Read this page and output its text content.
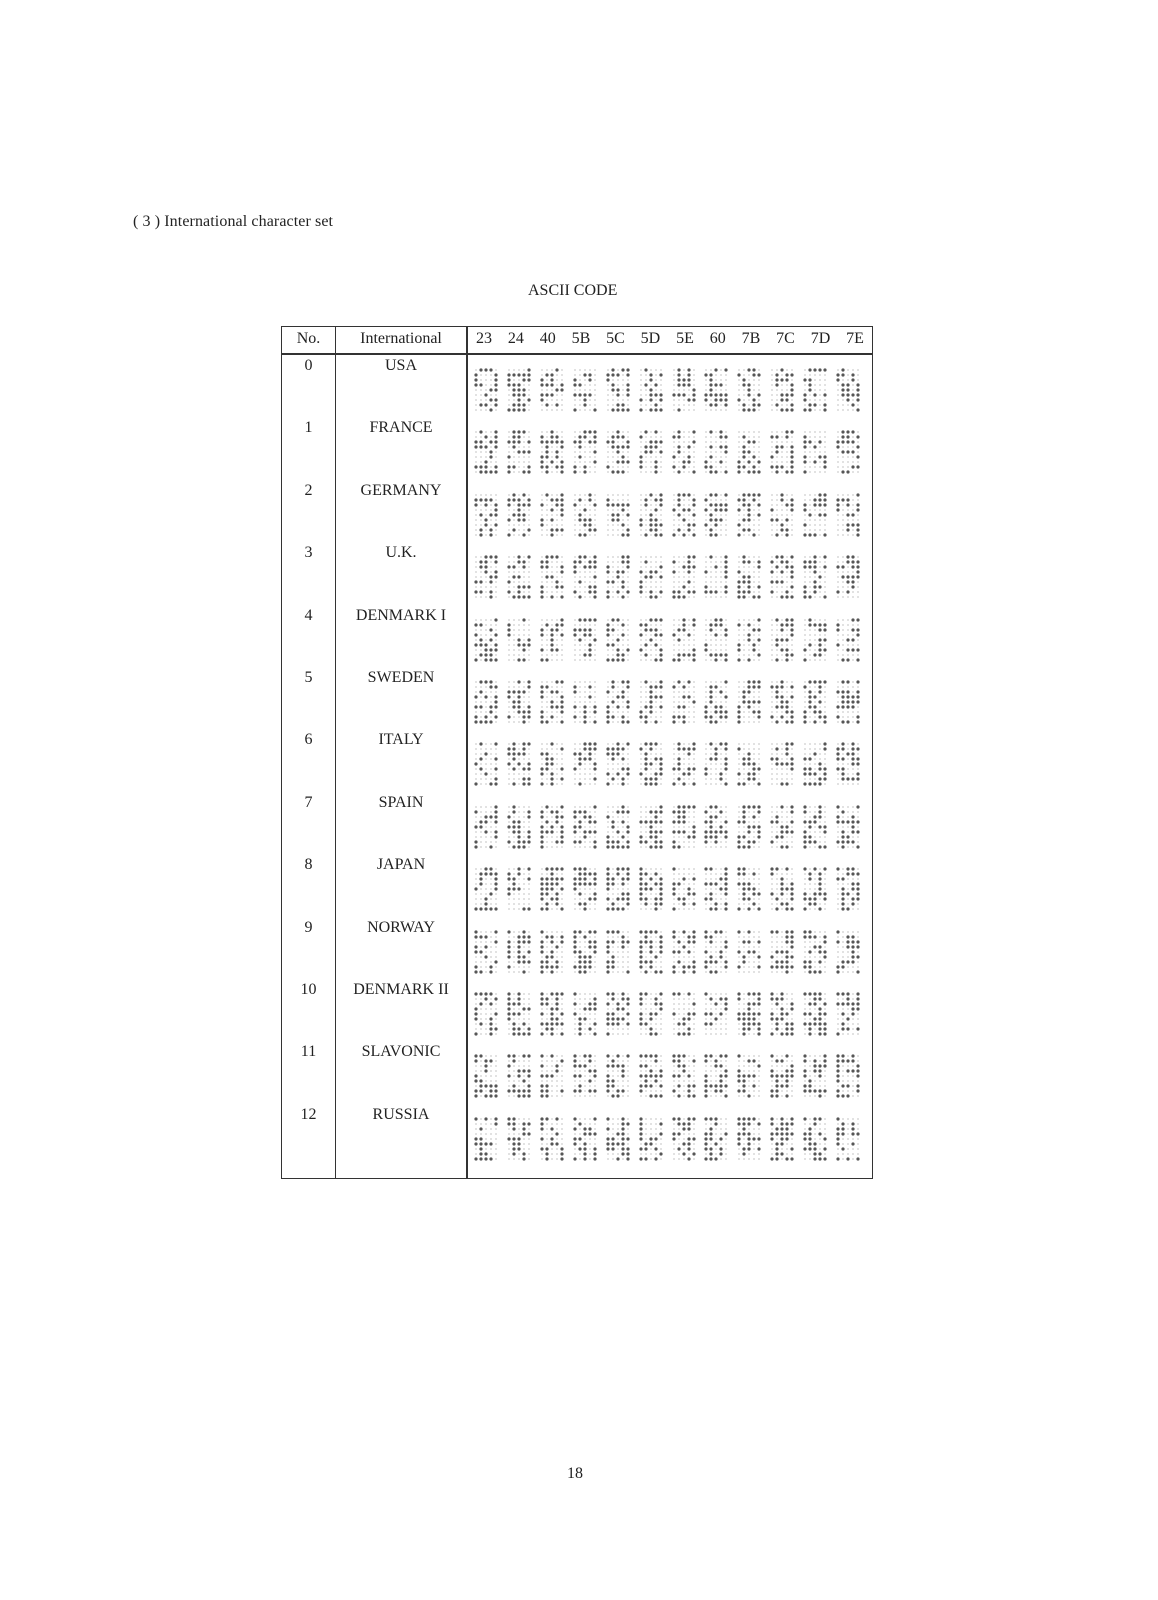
( 3 ) International character set
ASCII CODE
No.	International	23 24 40 5B 5C 5D 5E 60 7B 7C 7D 7E
0	USA
1	FRANCE
2	GERMANY
3	U.K.
4	DENMARK I
5	SWEDEN
6	ITALY
7	SPAIN
8	JAPAN
9	NORWAY
10	DENMARK II
11	SLAVONIC
12	RUSSIA
18
